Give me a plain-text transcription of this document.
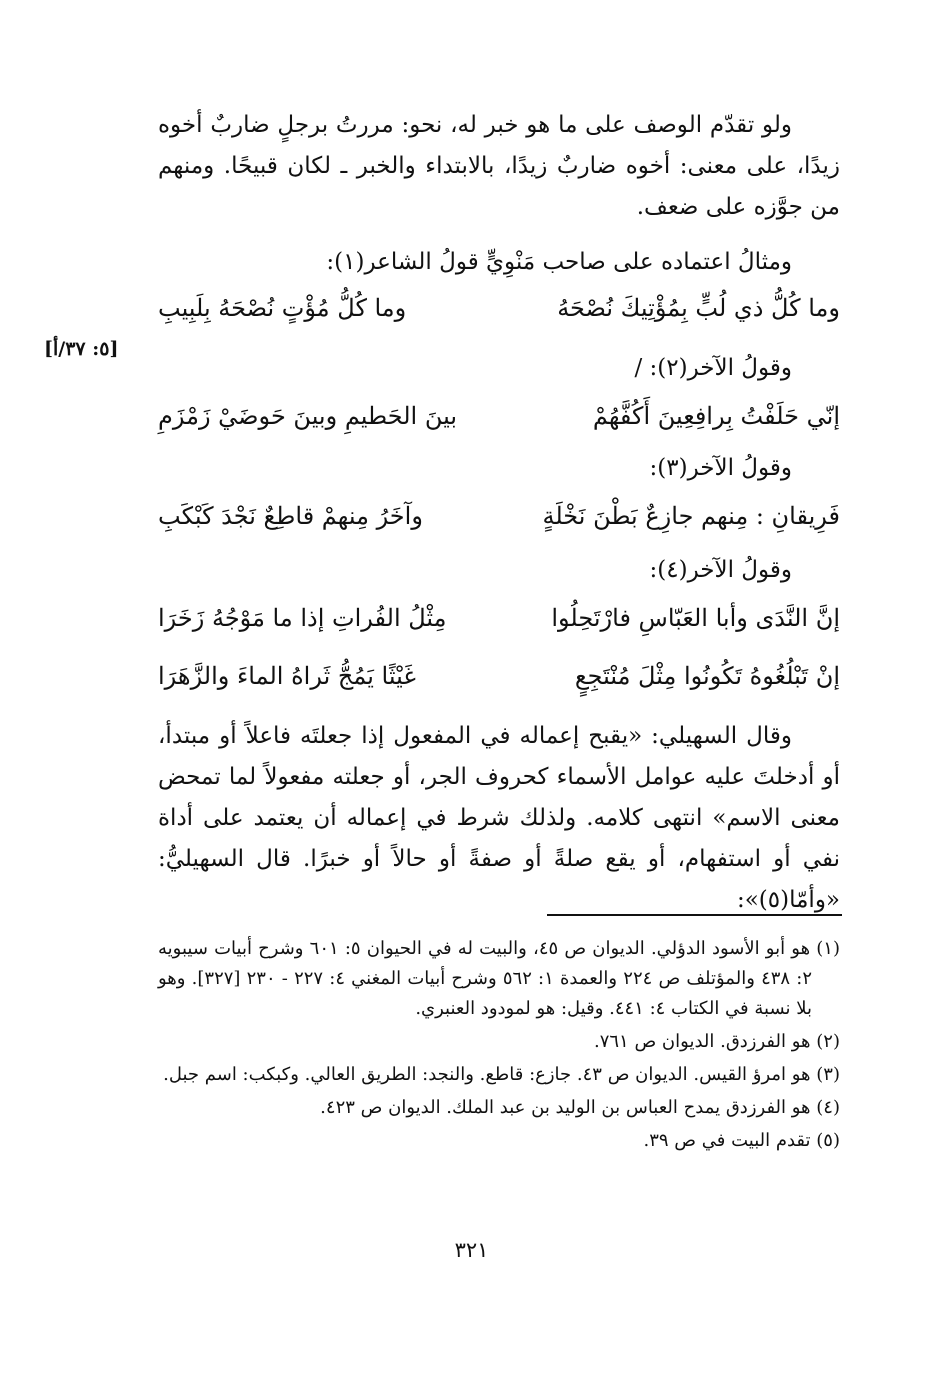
[٥: ٣٧/أ]

ولو تقدّم الوصف على ما هو خبر له، نحو: مررتُ برجلٍ ضاربٌ أخوه زيدًا، على معنى: أخوه ضاربٌ زيدًا، بالابتداء والخبر ـ لكان قبيحًا. ومنهم من جوَّزه على ضعف.

ومثالُ اعتماده على صاحب مَنْوِيٍّ قولُ الشاعر(١):
وما كُلُّ ذي لُبٍّ بِمُؤْتِيكَ نُصْحَهُ
وما كُلُّ مُؤْتٍ نُصْحَهُ بِلَبِيبِ
وقولُ الآخر(٢): /
إنّي حَلَفْتُ بِرافِعِينَ أَكُفَّهُمْ
بينَ الحَطيمِ وبينَ حَوضَيْ زَمْزَمِ
وقولُ الآخر(٣):
فَرِيقانِ : مِنهم جازِعٌ بَطْنَ نَخْلَةٍ
وآخَرُ مِنهمْ قاطِعٌ نَجْدَ كَبْكَبِ
وقولُ الآخر(٤):
إنَّ النَّدَى وأبا العَبّاسِ فارْتَحِلُوا
مِثْلُ الفُراتِ إذا ما مَوْجُهُ زَخَرَا
إنْ تَبْلُغُوهُ تَكُونُوا مِثْلَ مُنْتَجِعٍ
غَيْثًا يَمُجُّ ثَراهُ الماءَ والزَّهَرَا

وقال السهيلي: «يقبح إعماله في المفعول إذا جعلتَه فاعلاً أو مبتدأ، أو أدخلتَ عليه عوامل الأسماء كحروف الجر، أو جعلته مفعولاً لما تمحض معنى الاسم» انتهى كلامه. ولذلك شرط في إعماله أن يعتمد على أداة نفي أو استفهام، أو يقع صلةً أو صفةً أو حالاً أو خبرًا. قال السهيليُّ: «وأمّا(٥)»:

(١) هو أبو الأسود الدؤلي. الديوان ص ٤٥، والبيت له في الحيوان ٥: ٦٠١ وشرح أبيات سيبويه ٢: ٤٣٨ والمؤتلف ص ٢٢٤ والعمدة ١: ٥٦٢ وشرح أبيات المغني ٤: ٢٢٧ - ٢٣٠ [٣٢٧]. وهو بلا نسبة في الكتاب ٤: ٤٤١. وقيل: هو لمودود العنبري.

(٢) هو الفرزدق. الديوان ص ٧٦١.

(٣) هو امرؤ القيس. الديوان ص ٤٣. جازع: قاطع. والنجد: الطريق العالي. وكبكب: اسم جبل.

(٤) هو الفرزدق يمدح العباس بن الوليد بن عبد الملك. الديوان ص ٤٢٣.

(٥) تقدم البيت في ص ٣٩.

٣٢١
